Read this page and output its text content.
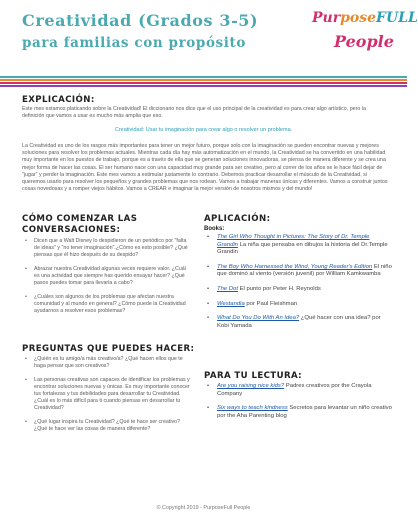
Creatividad (Grados 3-5)
para familias con propósito
PurposeFULL
People
EXPLICACIÓN:
Este mes estamos platicando sobre la Creatividad! El diccionario nos dice que el uso principal de la creatividad es para crear algo artístico, pero la definición que vamos a usar es mucho más amplia que eso.
Creatividad: Usar tu imaginación para crear algo o resolver un problema.
La Creatividad es uno de los rasgos más importantes para tener un mejor futuro, porque solo con la imaginación se pueden encontrar nuevas y mejores soluciones para resolver los problemas actuales. Mientras cada día hay más automatización en el mundo, la Creatividad se ha convertido en una habilidad muy importante en los puestos de trabajo, porque es a través de ella que se generan soluciones innovadoras, se piensa de manera diferente y se crea una mejor forma de hacer las cosas. El ser humano nace con una capacidad muy grande para ser creativo, pero al correr de los años se le hace fácil dejar de "jugar" y perder la imaginación. Este mes vamos a estimular justamente lo contrario. Debemos practicar desarrollar el músculo de la Creatividad, si queremos usarlo para resolver los pequeños y grandes problemas que nos rodean. Vamos a trabajar maneras únicas y diferentes. Vamos a construir juntos cosas novedosas y a romper viejos hábitos. Vamos a CREAR e imaginar la mejor versión de nosotros mismos y del mundo!
CÓMO COMENZAR LAS CONVERSACIONES:
• Dicen que a Walt Disney lo despidieron de un periódico por "falta de ideas" y "no tener imaginación".¿Cómo es esto posible? ¿Qué piensas que él hizo después de su despido?
• Abrazar nuestra Creatividad algunas veces requiere valor. ¿Cuál es una actividad que siempre has querido ensayar hacer? ¿Qué pasos puedes tomar para llevarla a cabo?
• ¿Cuáles son algunos de los problemas que afectan nuestra comunidad y al mundo en general? ¿Cómo puede la Creatividad ayudarnos a resolver esos problemas?
PREGUNTAS QUE PUEDES HACER:
• ¿Quién es tu amigo/a más creativo/a? ¿Qué hacen ellos que te haga pensar que son creativos?
• Las personas creativas son capaces de identificar los problemas y encontrar soluciones nuevas y únicas. Es muy importante conocer tus fortalezas y tus debilidades para desarrollar tu Creatividad. ¿Cuál es lo más difícil para ti cuando piensas en desarrollar tu Creatividad?
• ¿Qué lugar inspira tu Creatividad? ¿Qué te hace ser creativo? ¿Qué te hace ver las cosas de manera diferente?
APLICACIÓN:
Books:
• The Girl Who Thought in Pictures: The Story of Dr. Temple Grandin La niña que pensaba en dibujos la historia del Dr.Temple Grandin
• The Boy Who Harnessed the Wind, Young Reader's Edition El niño que dominó al viento (versión juvenil) por William Kamkwamba
• The Dot El punto por Peter H. Reynolds
• Westandia por Paul Fleishman
• What Do You Do With An Idea? ¿Qué hacer con una idea? por Kobi Yamada
PARA TU LECTURA:
• Are you raising nice kids? Padres creativos por the Crayola Company
• Six ways to teach kindness Secretos para levantar un niño creativo por the Aha Parenting blog
© Copyright 2019 - PurposeFull People
